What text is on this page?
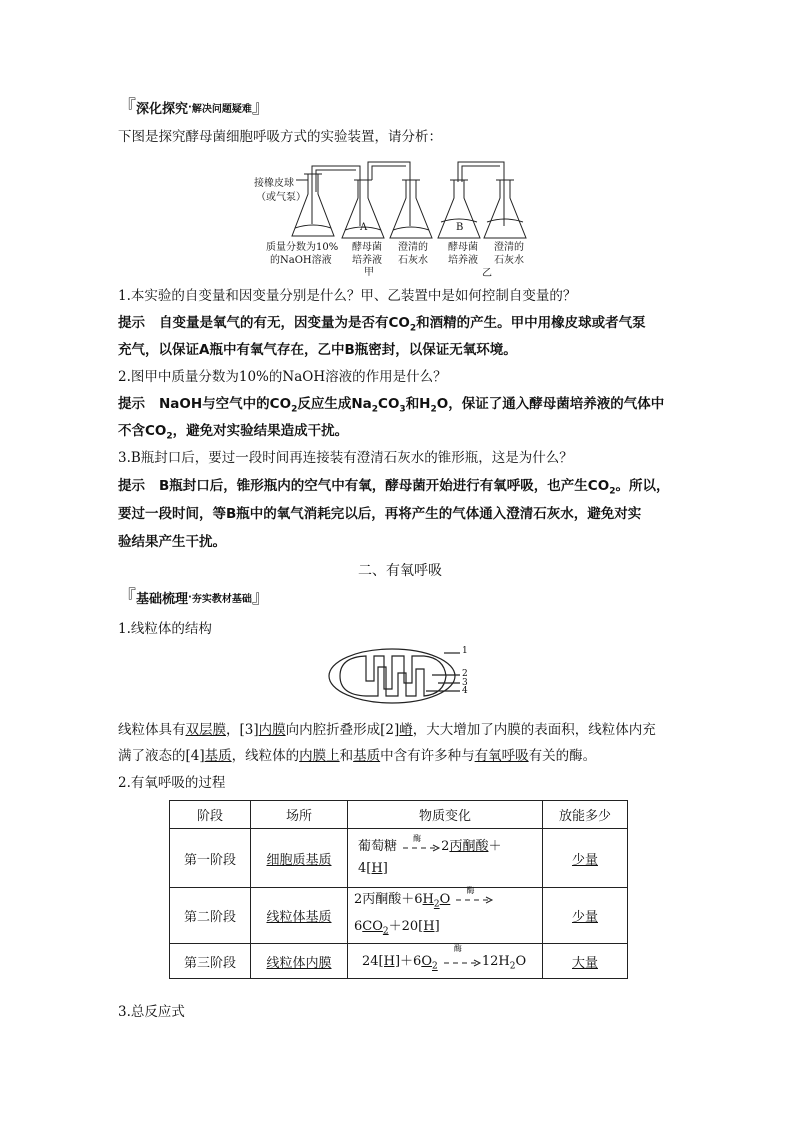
『 深化探究 · 解决问题疑难 』
下图是探究酵母菌细胞呼吸方式的实验装置，请分析：
接橡皮球
（或气泵）
A	B
质量分数为10%
的NaOH溶液
酵母菌
培养液
澄清的
石灰水
酵母菌
培养液
澄清的
石灰水
甲	乙
1.本实验的自变量和因变量分别是什么？甲、乙装置中是如何控制自变量的？
提示 自变量是氧气的有无，因变量为是否有$CO_2$和酒精的产生。甲中用橡皮球或者气泵
充气，以保证A瓶中有氧气存在，乙中B瓶密封，以保证无氧环境。
2.图甲中质量分数为10%的NaOH溶液的作用是什么？
提示 NaOH与空气中的$CO_2$反应生成$Na_2CO_3$和$H_2O$，保证了通入酵母菌培养液的气体中
不含$CO_2$，避免对实验结果造成干扰。
3.B瓶封口后，要过一段时间再连接装有澄清石灰水的锥形瓶，这是为什么？
提示 B瓶封口后，锥形瓶内的空气中有氧，酵母菌开始进行有氧呼吸，也产生$CO_2$。所以，
要过一段时间，等B瓶中的氧气消耗完以后，再将产生的气体通入澄清石灰水，避免对实
验结果产生干扰。
二、有氧呼吸
『 基础梳理 · 夯实教材基础 』
1.线粒体的结构
1
2
3
4
线粒体具有双层膜，[3]内膜向内腔折叠形成[2]嵴，大大增加了内膜的表面积，线粒体内充
满了液态的[4]基质，线粒体的内膜上和基质中含有许多种与有氧呼吸有关的酶。
2.有氧呼吸的过程
阶段	场所	物质变化	放能多少
第一阶段	细胞质基质	葡萄糖
酶
2丙酮酸＋
4[H]	少量
第二阶段	线粒体基质	2丙酮酸$+6H_2O$
酶

$6CO_2+20[H]$	少量
第三阶段	线粒体内膜	$24[H]+6O_2$
酶
$12H_2O$	大量
3.总反应式
